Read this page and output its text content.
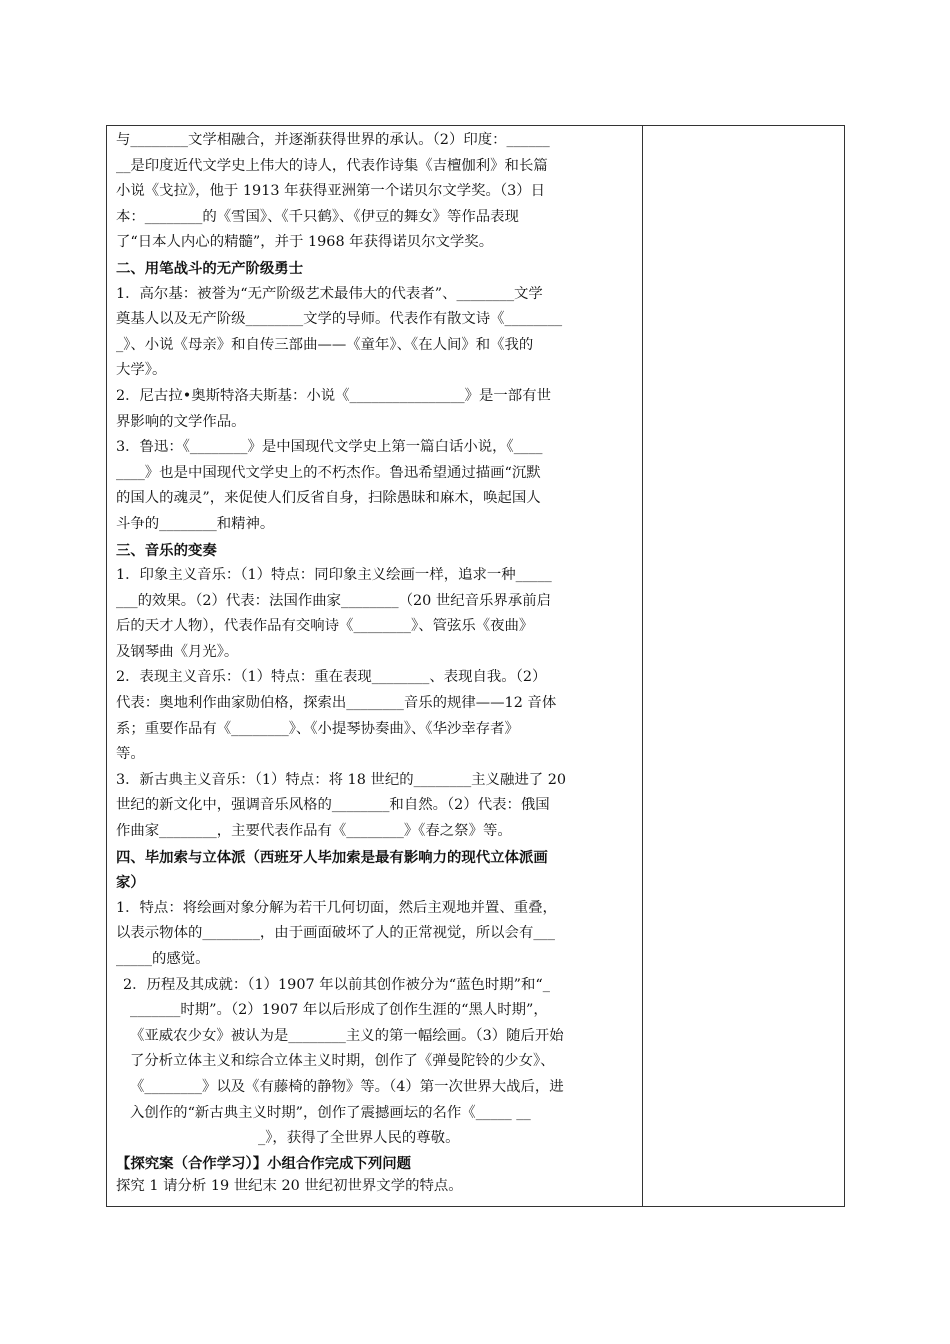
与________文学相融合，并逐渐获得世界的承认。（2）印度：______
__是印度近代文学史上伟大的诗人，代表作诗集《吉檀伽利》和长篇
小说《戈拉》，他于 1913 年获得亚洲第一个诺贝尔文学奖。（3）日
本：________的《雪国》、《千只鹤》、《伊豆的舞女》等作品表现
了“日本人内心的精髓”，并于 1968 年获得诺贝尔文学奖。
二、用笔战斗的无产阶级勇士
1．高尔基：被誉为“无产阶级艺术最伟大的代表者”、________文学
奠基人以及无产阶级________文学的导师。代表作有散文诗《________
_》、小说《母亲》和自传三部曲——《童年》、《在人间》和《我的
大学》。
2．尼古拉•奥斯特洛夫斯基：小说《________________》是一部有世
界影响的文学作品。
3．鲁迅：《________》是中国现代文学史上第一篇白话小说，《____
____》也是中国现代文学史上的不朽杰作。鲁迅希望通过描画“沉默
的国人的魂灵”，来促使人们反省自身，扫除愚昧和麻木，唤起国人
斗争的________和精神。
三、音乐的变奏
1．印象主义音乐：（1）特点：同印象主义绘画一样，追求一种_____
___的效果。（2）代表：法国作曲家________（20 世纪音乐界承前启
后的天才人物），代表作品有交响诗《________》、管弦乐《夜曲》
及钢琴曲《月光》。
2．表现主义音乐：（1）特点：重在表现________、表现自我。（2）
代表：奥地利作曲家勋伯格，探索出________音乐的规律——12 音体
系；重要作品有《________》、《小提琴协奏曲》、《华沙幸存者》
等。
3．新古典主义音乐：（1）特点：将 18 世纪的________主义融进了 20
世纪的新文化中，强调音乐风格的________和自然。（2）代表：俄国
作曲家________，主要代表作品有《________》《春之祭》等。
四、毕加索与立体派（西班牙人毕加索是最有影响力的现代立体派画
家）
1．特点：将绘画对象分解为若干几何切面，然后主观地并置、重叠，
以表示物体的________，由于画面破坏了人的正常视觉，所以会有___
_____的感觉。
2．历程及其成就：（1）1907 年以前其创作被分为“蓝色时期”和“_
_______时期”。（2）1907 年以后形成了创作生涯的“黑人时期”，
《亚威农少女》被认为是________主义的第一幅绘画。（3）随后开始
了分析立体主义和综合立体主义时期，创作了《弹曼陀铃的少女》、
《________》以及《有藤椅的静物》等。（4）第一次世界大战后，进
入创作的“新古典主义时期”，创作了震撼画坛的名作《_____ __
_》，获得了全世界人民的尊敬。
【探究案（合作学习）】小组合作完成下列问题
探究 1 请分析 19 世纪末 20 世纪初世界文学的特点。
